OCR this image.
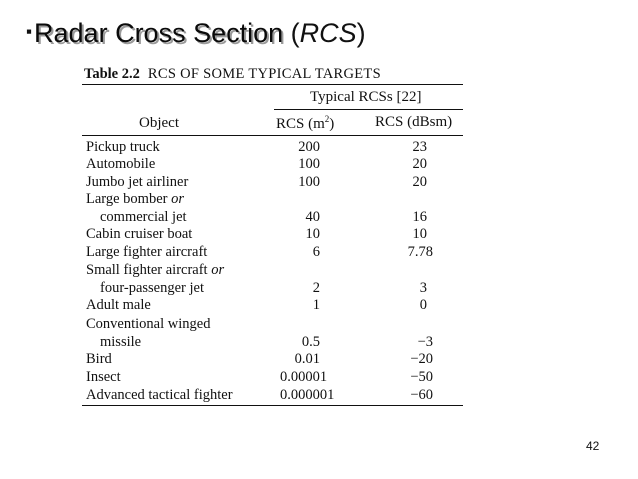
▪Radar Cross Section (RCS)
Table 2.2 RCS OF SOME TYPICAL TARGETS
Typical RCSs [22]
Object	RCS $(m^2)$	RCS (dBsm)
Pickup truck	200	23
Automobile	100	20
Jumbo jet airliner	100	20
Large bomber or
commercial jet	40	16
Cabin cruiser boat	10	10
Large fighter aircraft	6	7.78
Small fighter aircraft or
four-passenger jet	2	3
Adult male	1	0
Conventional winged
missile	0.5	−3
Bird	0.01	−20
Insect	0.00001	−50
Advanced tactical fighter	0.000001	−60
42
